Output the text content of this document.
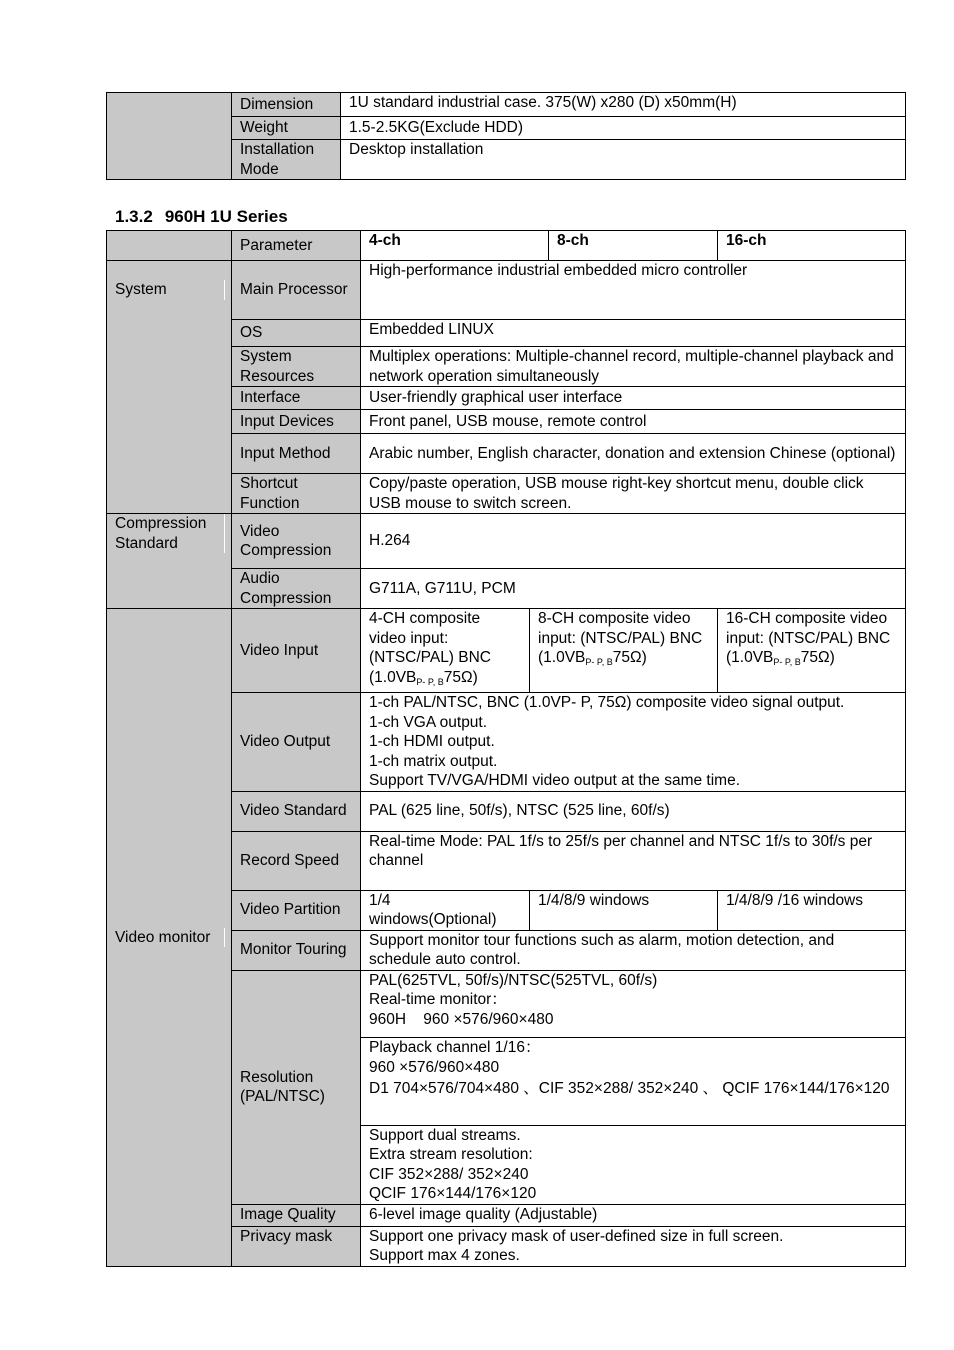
	Dimension	1U standard industrial case. 375(W) x280 (D) x50mm(H)
	Weight	1.5-2.5KG(Exclude HDD)
	Installation Mode	Desktop installation
1.3.2 960H 1U Series
	Parameter	4-ch		8-ch	16-ch

System	Main Processor	High-performance industrial embedded micro controller			
	OS	Embedded LINUX			
	System Resources	Multiplex operations: Multiple-channel record, multiple-channel playback and network operation simultaneously			
	Interface	User-friendly graphical user interface			
	Input Devices	Front panel, USB mouse, remote control			
	Input Method	Arabic number, English character, donation and extension Chinese (optional)			
	Shortcut Function	Copy/paste operation, USB mouse right-key shortcut menu, double click USB mouse to switch screen.			

Compression Standard	Video Compression	H.264			
	Audio Compression	G711A, G711U, PCM			

Video monitor	Video Input	4-CH composite video input: (NTSC/PAL) BNC $(1.0VB_{P- P, B}75\Omega)$	8-CH composite video input: (NTSC/PAL) BNC $(1.0VB_{P- P, B}75\Omega)$		16-CH composite video input: (NTSC/PAL) BNC $(1.0VB_{P- P, B}75\Omega)$
	Video Output	1-ch PAL/NTSC, BNC (1.0VP- P, 75Ω) composite video signal output.
1-ch VGA output.
1-ch HDMI output.
1-ch matrix output.
Support TV/VGA/HDMI video output at the same time.			

	Video Standard	PAL (625 line, 50f/s), NTSC (525 line, 60f/s)			
	Record Speed	Real-time Mode: PAL 1f/s to 25f/s per channel and NTSC 1f/s to 30f/s per channel			
	Video Partition	1/4 windows(Optional)	1/4/8/9 windows		1/4/8/9 /16 windows
	Monitor Touring	Support monitor tour functions such as alarm, motion detection, and schedule auto control.			
	Resolution (PAL/NTSC)	PAL(625TVL, 50f/s)/NTSC(525TVL, 60f/s)
Real-time monitor：
960H    960 ×576/960×480			

		Playback channel 1/16：
960 ×576/960×480
D1 704×576/704×480 、CIF 352×288/ 352×240 、 QCIF 176×144/176×120			

		Support dual streams.
Extra stream resolution:
CIF 352×288/ 352×240
QCIF 176×144/176×120			

	Image Quality	6-level image quality (Adjustable)			
	Privacy mask	Support one privacy mask of user-defined size in full screen.
Support max 4 zones.			
